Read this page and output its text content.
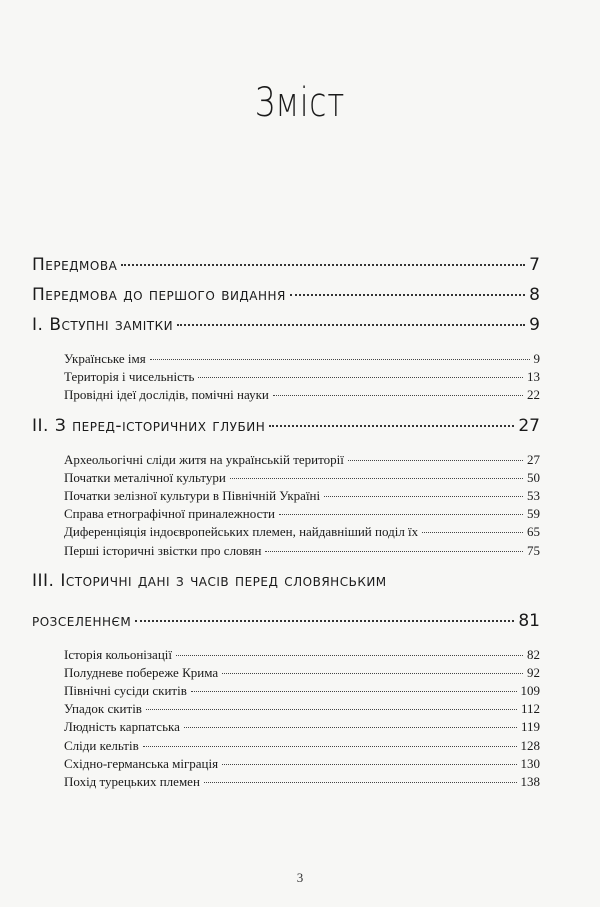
Зміст
Передмова	7
Передмова до першого видання	8
I. Вступні замітки	9
Українське імя	9
Територія і чисельність	13
Провідні ідеї дослідів, помічні науки	22
II. З перед-історичних глубин	27
Археольогічні сліди житя на українській території	27
Початки металічної культури	50
Початки зелізної культури в Північній Україні	53
Справа етнографічної приналежности	59
Диференціяція індоєвропейських племен, найдавніший поділ їх	65
Перші історичні звістки про словян	75
III. Історичні дані з часів перед словянським
розселеннєм	81
Історія кольонізації	82
Полудневе побереже Крима	92
Північні сусіди скитів	109
Упадок скитів	112
Людність карпатська	119
Сліди кельтів	128
Східно-германська міграція	130
Похід турецьких племен	138
3
